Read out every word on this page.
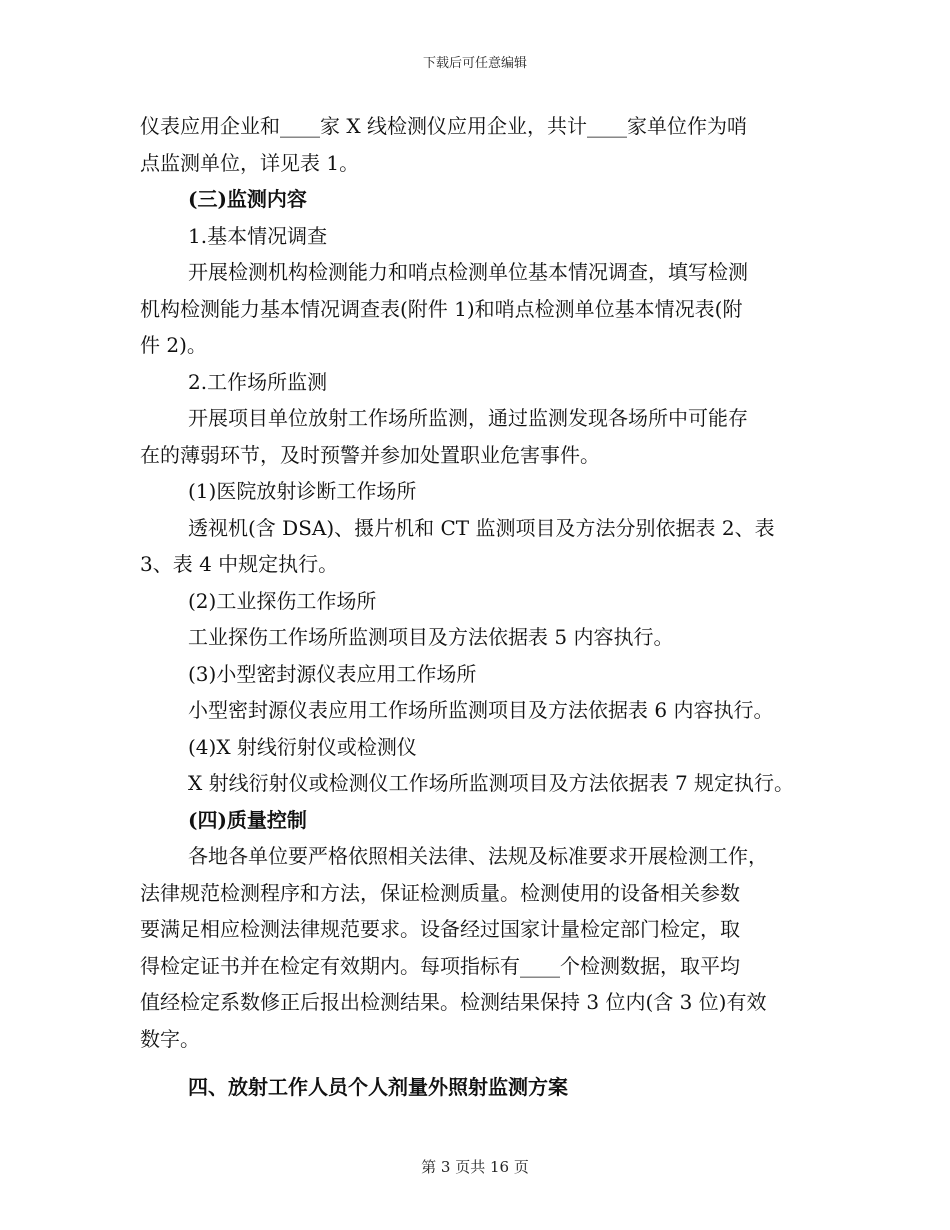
下载后可任意编辑
仪表应用企业和____家 X 线检测仪应用企业，共计____家单位作为哨
点监测单位，详见表 1。
(三)监测内容
1.基本情况调查
开展检测机构检测能力和哨点检测单位基本情况调查，填写检测
机构检测能力基本情况调查表(附件 1)和哨点检测单位基本情况表(附
件 2)。
2.工作场所监测
开展项目单位放射工作场所监测，通过监测发现各场所中可能存
在的薄弱环节，及时预警并参加处置职业危害事件。
(1)医院放射诊断工作场所
透视机(含 DSA)、摄片机和 CT 监测项目及方法分别依据表 2、表
3、表 4 中规定执行。
(2)工业探伤工作场所
工业探伤工作场所监测项目及方法依据表 5 内容执行。
(3)小型密封源仪表应用工作场所
小型密封源仪表应用工作场所监测项目及方法依据表 6 内容执行。
(4)X 射线衍射仪或检测仪
X 射线衍射仪或检测仪工作场所监测项目及方法依据表 7 规定执行。
(四)质量控制
各地各单位要严格依照相关法律、法规及标准要求开展检测工作，
法律规范检测程序和方法，保证检测质量。检测使用的设备相关参数
要满足相应检测法律规范要求。设备经过国家计量检定部门检定，取
得检定证书并在检定有效期内。每项指标有____个检测数据，取平均
值经检定系数修正后报出检测结果。检测结果保持 3 位内(含 3 位)有效
数字。
四、放射工作人员个人剂量外照射监测方案
第 3 页共 16 页
